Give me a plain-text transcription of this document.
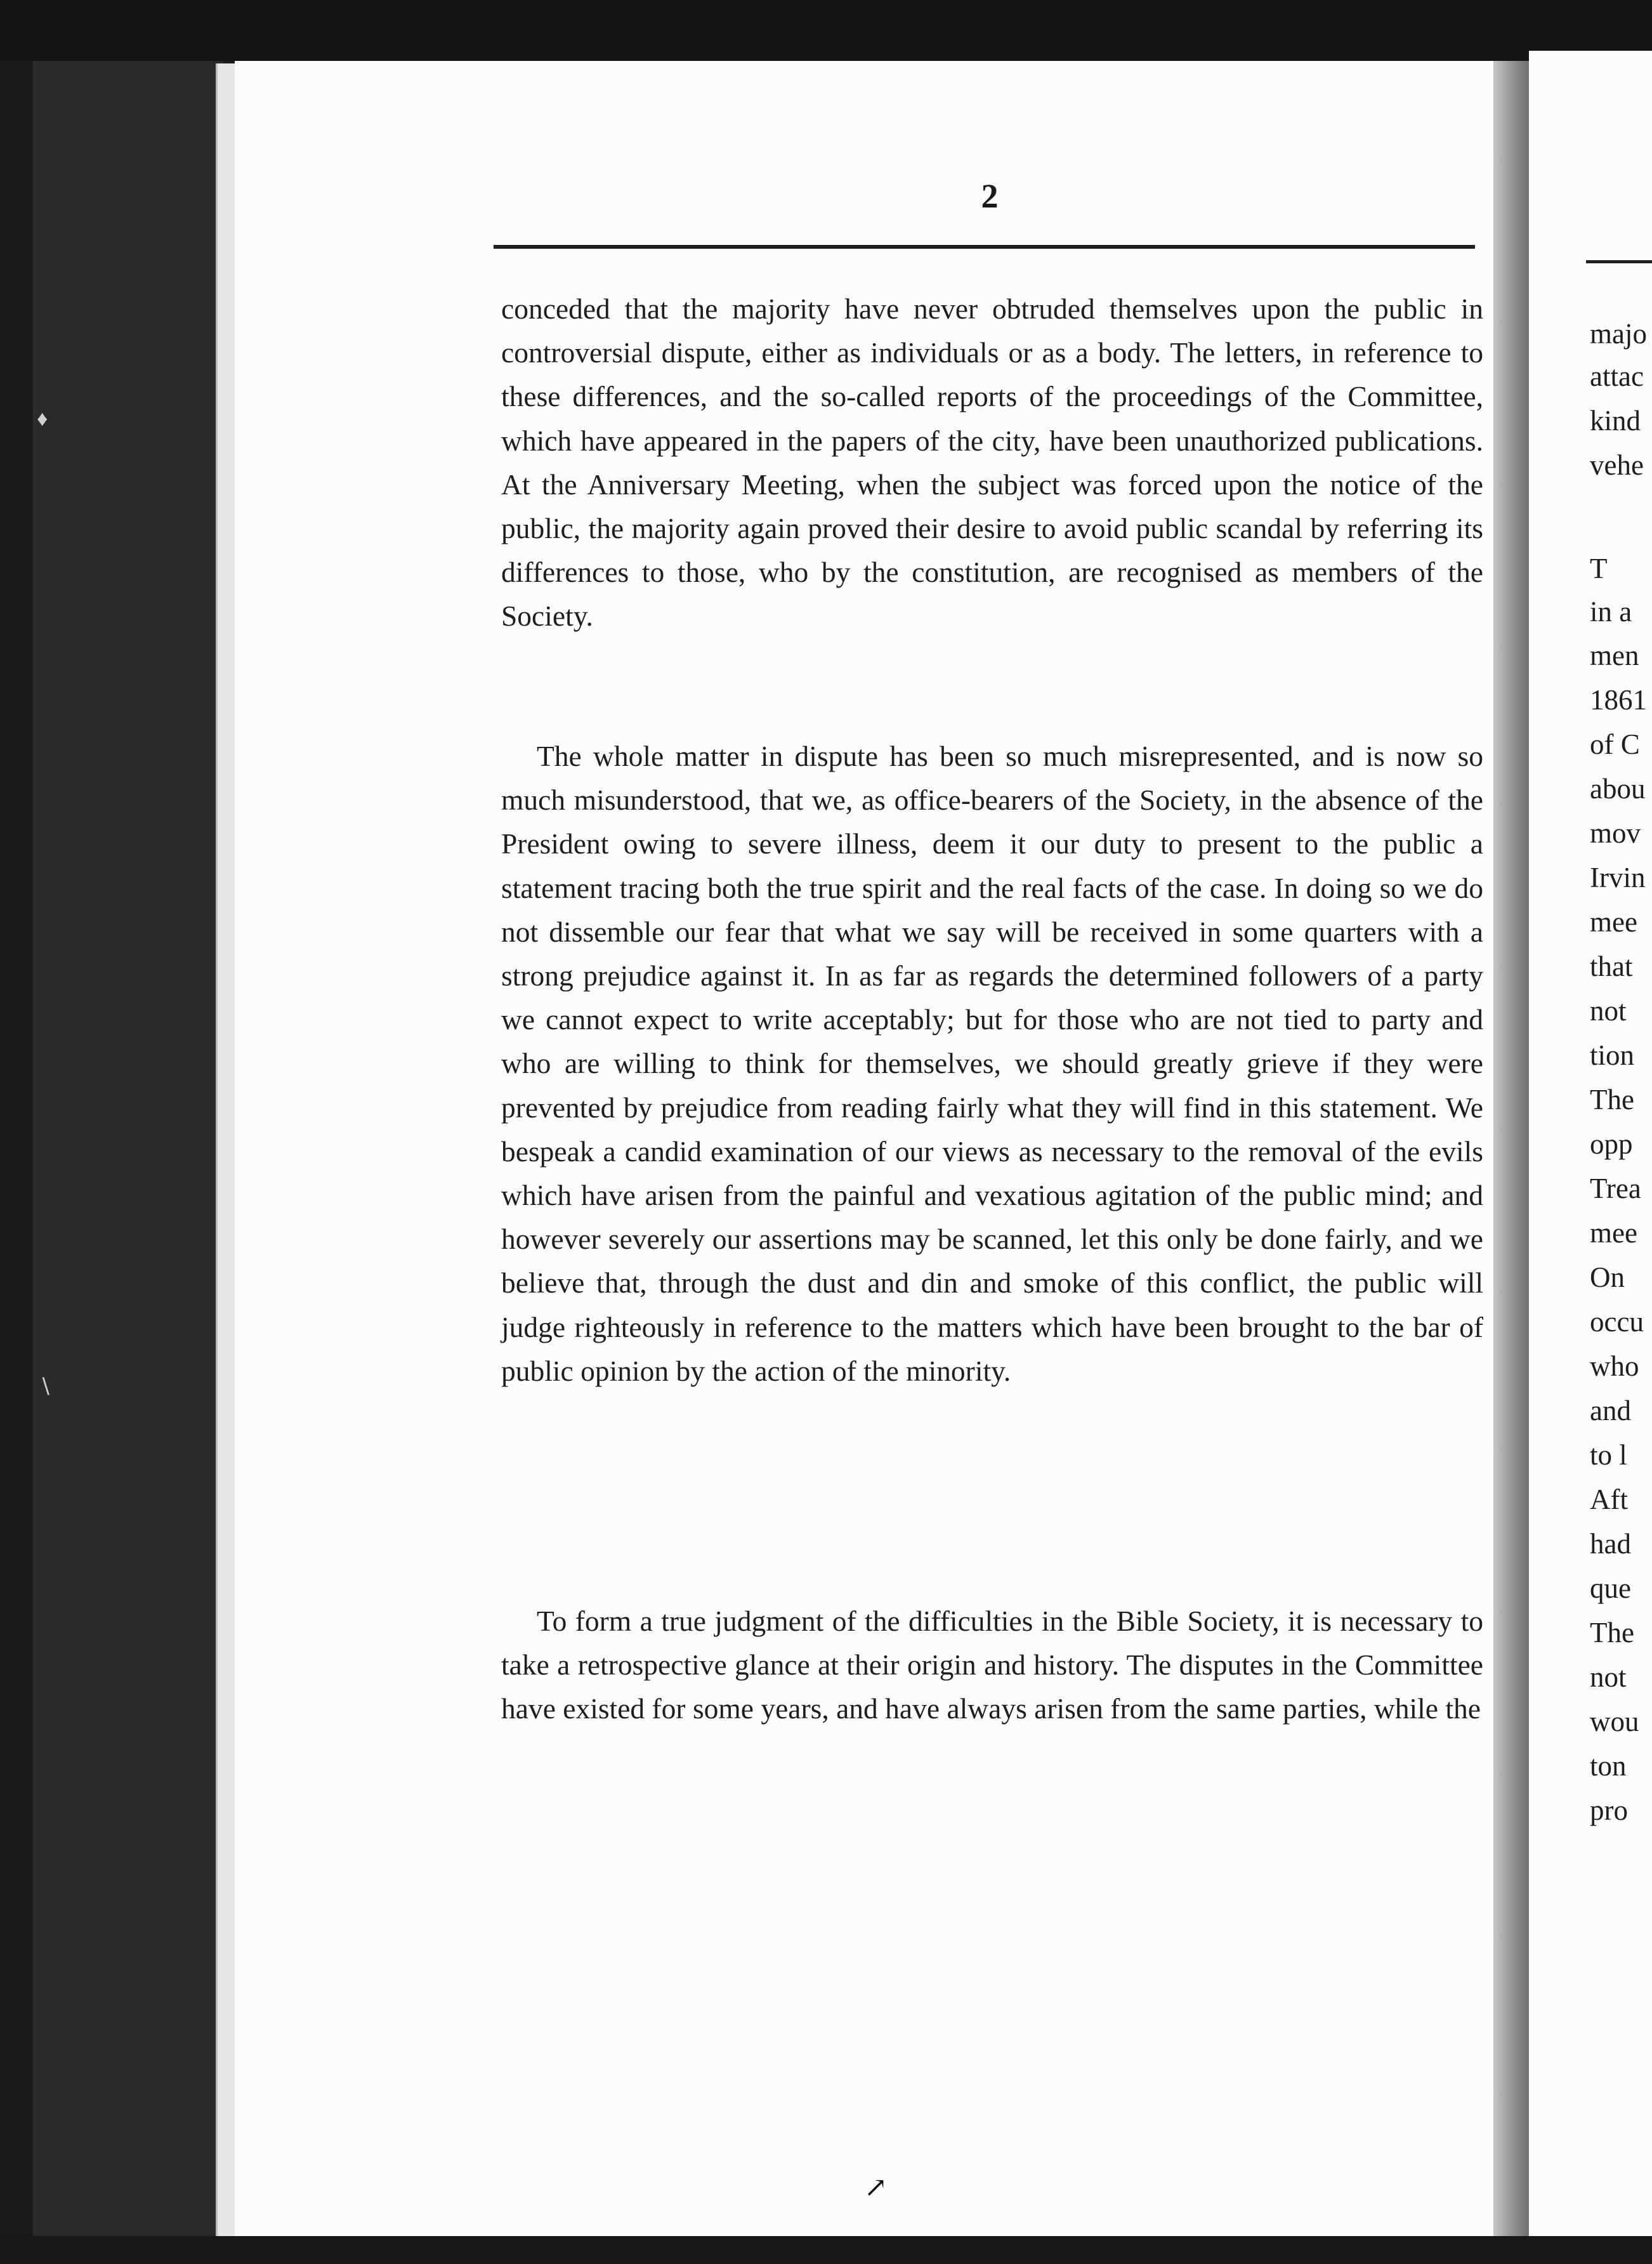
♦
∖
2

conceded that the majority have never obtruded themselves upon the public in controversial dispute, either as individuals or as a body. The letters, in reference to these differences, and the so-called reports of the proceedings of the Committee, which have appeared in the papers of the city, have been unauthorized publications. At the Anniversary Meeting, when the subject was forced upon the notice of the public, the majority again proved their desire to avoid public scandal by referring its differences to those, who by the constitution, are recognised as members of the Society.

The whole matter in dispute has been so much misrepresented, and is now so much misunderstood, that we, as office-bearers of the Society, in the absence of the President owing to severe illness, deem it our duty to present to the public a statement tracing both the true spirit and the real facts of the case. In doing so we do not dissemble our fear that what we say will be received in some quarters with a strong prejudice against it. In as far as regards the determined followers of a party we cannot expect to write acceptably; but for those who are not tied to party and who are willing to think for themselves, we should greatly grieve if they were prevented by prejudice from reading fairly what they will find in this statement. We bespeak a candid examination of our views as necessary to the removal of the evils which have arisen from the painful and vexatious agitation of the public mind; and however severely our assertions may be scanned, let this only be done fairly, and we believe that, through the dust and din and smoke of this conflict, the public will judge righteously in reference to the matters which have been brought to the bar of public opinion by the action of the minority.

To form a true judgment of the difficulties in the Bible Society, it is necessary to take a retrospective glance at their origin and history. The disputes in the Committee have existed for some years, and have always arisen from the same parties, while the

majo
attac
kind
vehe
T
in a
men
1861
of C
abou
mov
Irvin
mee
that
not
tion
The
opp
Trea
mee
On
occu
who
and
to l
Aft
had
que
The
not
wou
ton
pro
↗
